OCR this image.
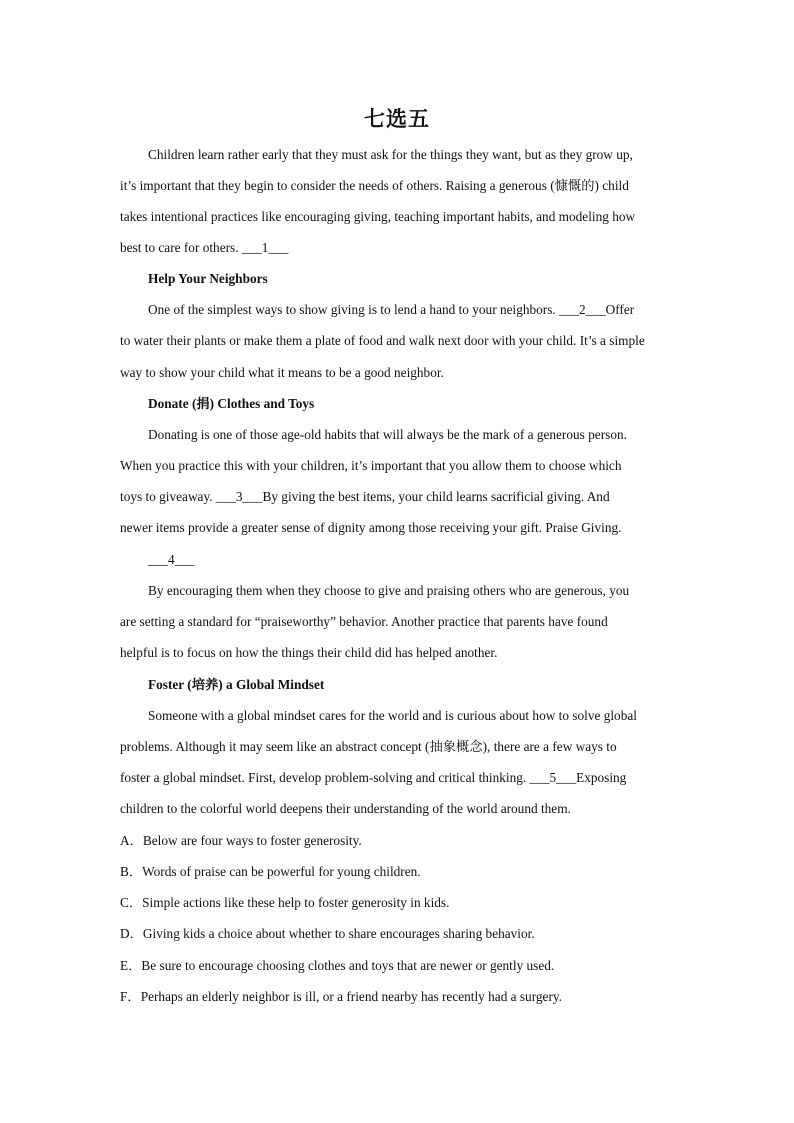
七选五
Children learn rather early that they must ask for the things they want, but as they grow up,
it’s important that they begin to consider the needs of others. Raising a generous (慷慨的) child
takes intentional practices like encouraging giving, teaching important habits, and modeling how
best to care for others. ___1___
Help Your Neighbors
One of the simplest ways to show giving is to lend a hand to your neighbors. ___2___Offer
to water their plants or make them a plate of food and walk next door with your child. It’s a simple
way to show your child what it means to be a good neighbor.
Donate (捐) Clothes and Toys
Donating is one of those age-old habits that will always be the mark of a generous person.
When you practice this with your children, it’s important that you allow them to choose which
toys to giveaway. ___3___By giving the best items, your child learns sacrificial giving. And
newer items provide a greater sense of dignity among those receiving your gift. Praise Giving.
___4___
By encouraging them when they choose to give and praising others who are generous, you
are setting a standard for “praiseworthy” behavior. Another practice that parents have found
helpful is to focus on how the things their child did has helped another.
Foster (培养) a Global Mindset
Someone with a global mindset cares for the world and is curious about how to solve global
problems. Although it may seem like an abstract concept (抽象概念), there are a few ways to
foster a global mindset. First, develop problem-solving and critical thinking. ___5___Exposing
children to the colorful world deepens their understanding of the world around them.
A．Below are four ways to foster generosity.
B．Words of praise can be powerful for young children.
C．Simple actions like these help to foster generosity in kids.
D．Giving kids a choice about whether to share encourages sharing behavior.
E．Be sure to encourage choosing clothes and toys that are newer or gently used.
F．Perhaps an elderly neighbor is ill, or a friend nearby has recently had a surgery.
